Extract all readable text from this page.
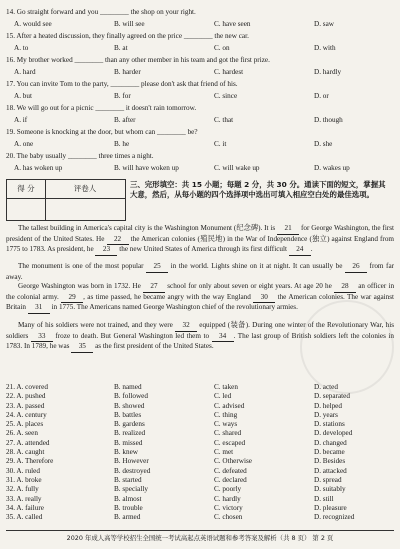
14. Go straight forward and you ________ the shop on your right.
A. would see	B. will see	C. have seen	D. saw
15. After a heated discussion, they finally agreed on the price ________ the new car.
A. to	B. at	C. on	D. with
16. My brother worked ________ than any other member in his team and got the first prize.
A. hard	B. harder	C. hardest	D. hardly
17. You can invite Tom to the party, ________ please don't ask that friend of his.
A. but	B. for	C. since	D. or
18. We will go out for a picnic ________ it doesn't rain tomorrow.
A. if	B. after	C. that	D. though
19. Someone is knocking at the door, but whom can ________ be?
A. one	B. he	C. it	D. she
20. The baby usually ________ three times a night.
A. has woken up	B. will have woken up	C. will wake up	D. wakes up
得 分	评卷人	三、完形填空：共 15 小题；每题 2 分，共 30 分。通读下面的短文，掌握其大意，然后，从每小题的四个选择项中选出可填入相应空白处的最佳选项。
The tallest building in America's capital city is the Washington Monument (纪念碑). It is 21 for George Washington, the first president of the United States. He 22 the American colonies (殖民地) in the War of Independence (独立) against England from 1775 to 1783. As president, he 23 the new United States of America through its first difficult 24 .
The monument is one of the most popular 25 in the world. Lights shine on it at night. It can usually be 26 from far away.
George Washington was born in 1732. He 27 school for only about seven or eight years. At age 20 he 28 an officer in the colonial army. 29 , as time passed, he became angry with the way England 30 the American colonies. The war against Britain 31 in 1775. The Americans named George Washington chief of the revolutionary armies.
Many of his soldiers were not trained, and they were 32 equipped (装备). During one winter of the Revolutionary War, his soldiers 33 froze to death. But General Washington led them to 34 . The last group of British soldiers left the colonies in 1783. In 1789, he was 35 as the first president of the United States.
21. A. covered	B. named	C. taken	D. acted
22. A. pushed	B. followed	C. led	D. separated
23. A. passed	B. showed	C. advised	D. helped
24. A. century	B. battles	C. thing	D. years
25. A. places	B. gardens	C. ways	D. stations
26. A. seen	B. realized	C. shared	D. developed
27. A. attended	B. missed	C. escaped	D. changed
28. A. caught	B. knew	C. met	D. became
29. A. Therefore	B. However	C. Otherwise	D. Besides
30. A. ruled	B. destroyed	C. defeated	D. attacked
31. A. broke	B. started	C. declared	D. spread
32. A. fully	B. specially	C. poorly	D. suitably
33. A. really	B. almost	C. hardly	D. still
34. A. failure	B. trouble	C. victory	D. pleasure
35. A. called	B. armed	C. chosen	D. recognized
2020 年成人高等学校招生全国统一考试高起点英语试题和参考答案及解析（共 8 页） 第 2 页
